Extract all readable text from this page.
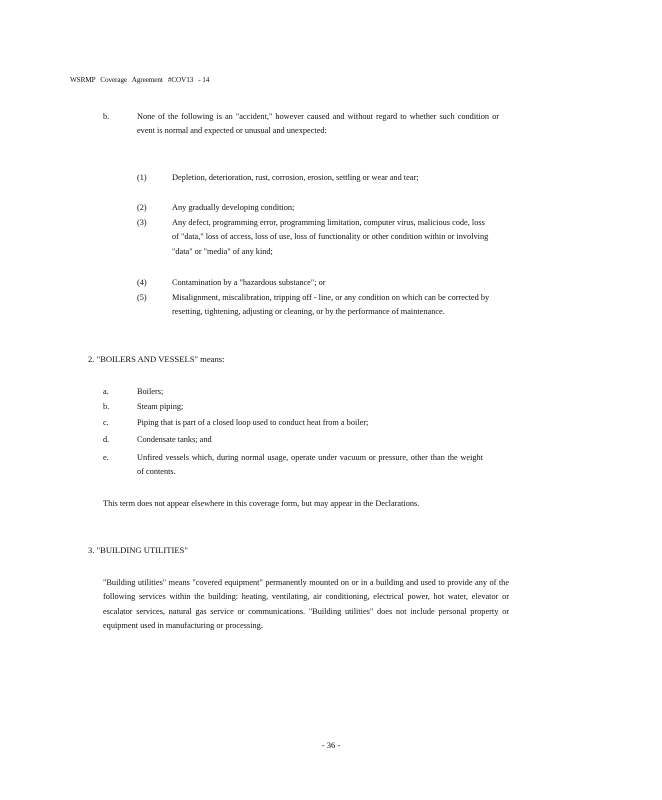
WSRMP   Coverage   Agreement   #COV13   - 14
b.	None of the following is an "accident," however caused and without regard to whether such condition or event is normal and expected or unusual and unexpected:
(1)	Depletion, deterioration, rust, corrosion, erosion, settling or wear and tear;
(2)	Any gradually developing condition;
(3)	Any defect, programming error, programming limitation, computer virus, malicious code, loss of "data," loss of access, loss of use, loss of functionality or other condition within or involving "data" or "media" of any kind;
(4)	Contamination by a "hazardous substance"; or
(5)	Misalignment, miscalibration, tripping off - line, or any condition on which can be corrected by resetting, tightening, adjusting or cleaning, or by the performance of maintenance.
2. "BOILERS AND VESSELS" means:
a.	Boilers;
b.	Steam piping;
c.	Piping that is part of a closed loop used to conduct heat from a boiler;
d.	Condensate tanks; and
e.	Unfired vessels which, during normal usage, operate under vacuum or pressure, other than the weight of contents.
This term does not appear elsewhere in this coverage form, but may appear in the Declarations.
3. "BUILDING UTILITIES"
"Building utilities" means "covered equipment" permanently mounted on or in a building and used to provide any of the following services within the building: heating, ventilating, air conditioning, electrical power, hot water, elevator or escalator services, natural gas service or communications. "Building utilities" does not include personal property or equipment used in manufacturing or processing.
- 36 -
